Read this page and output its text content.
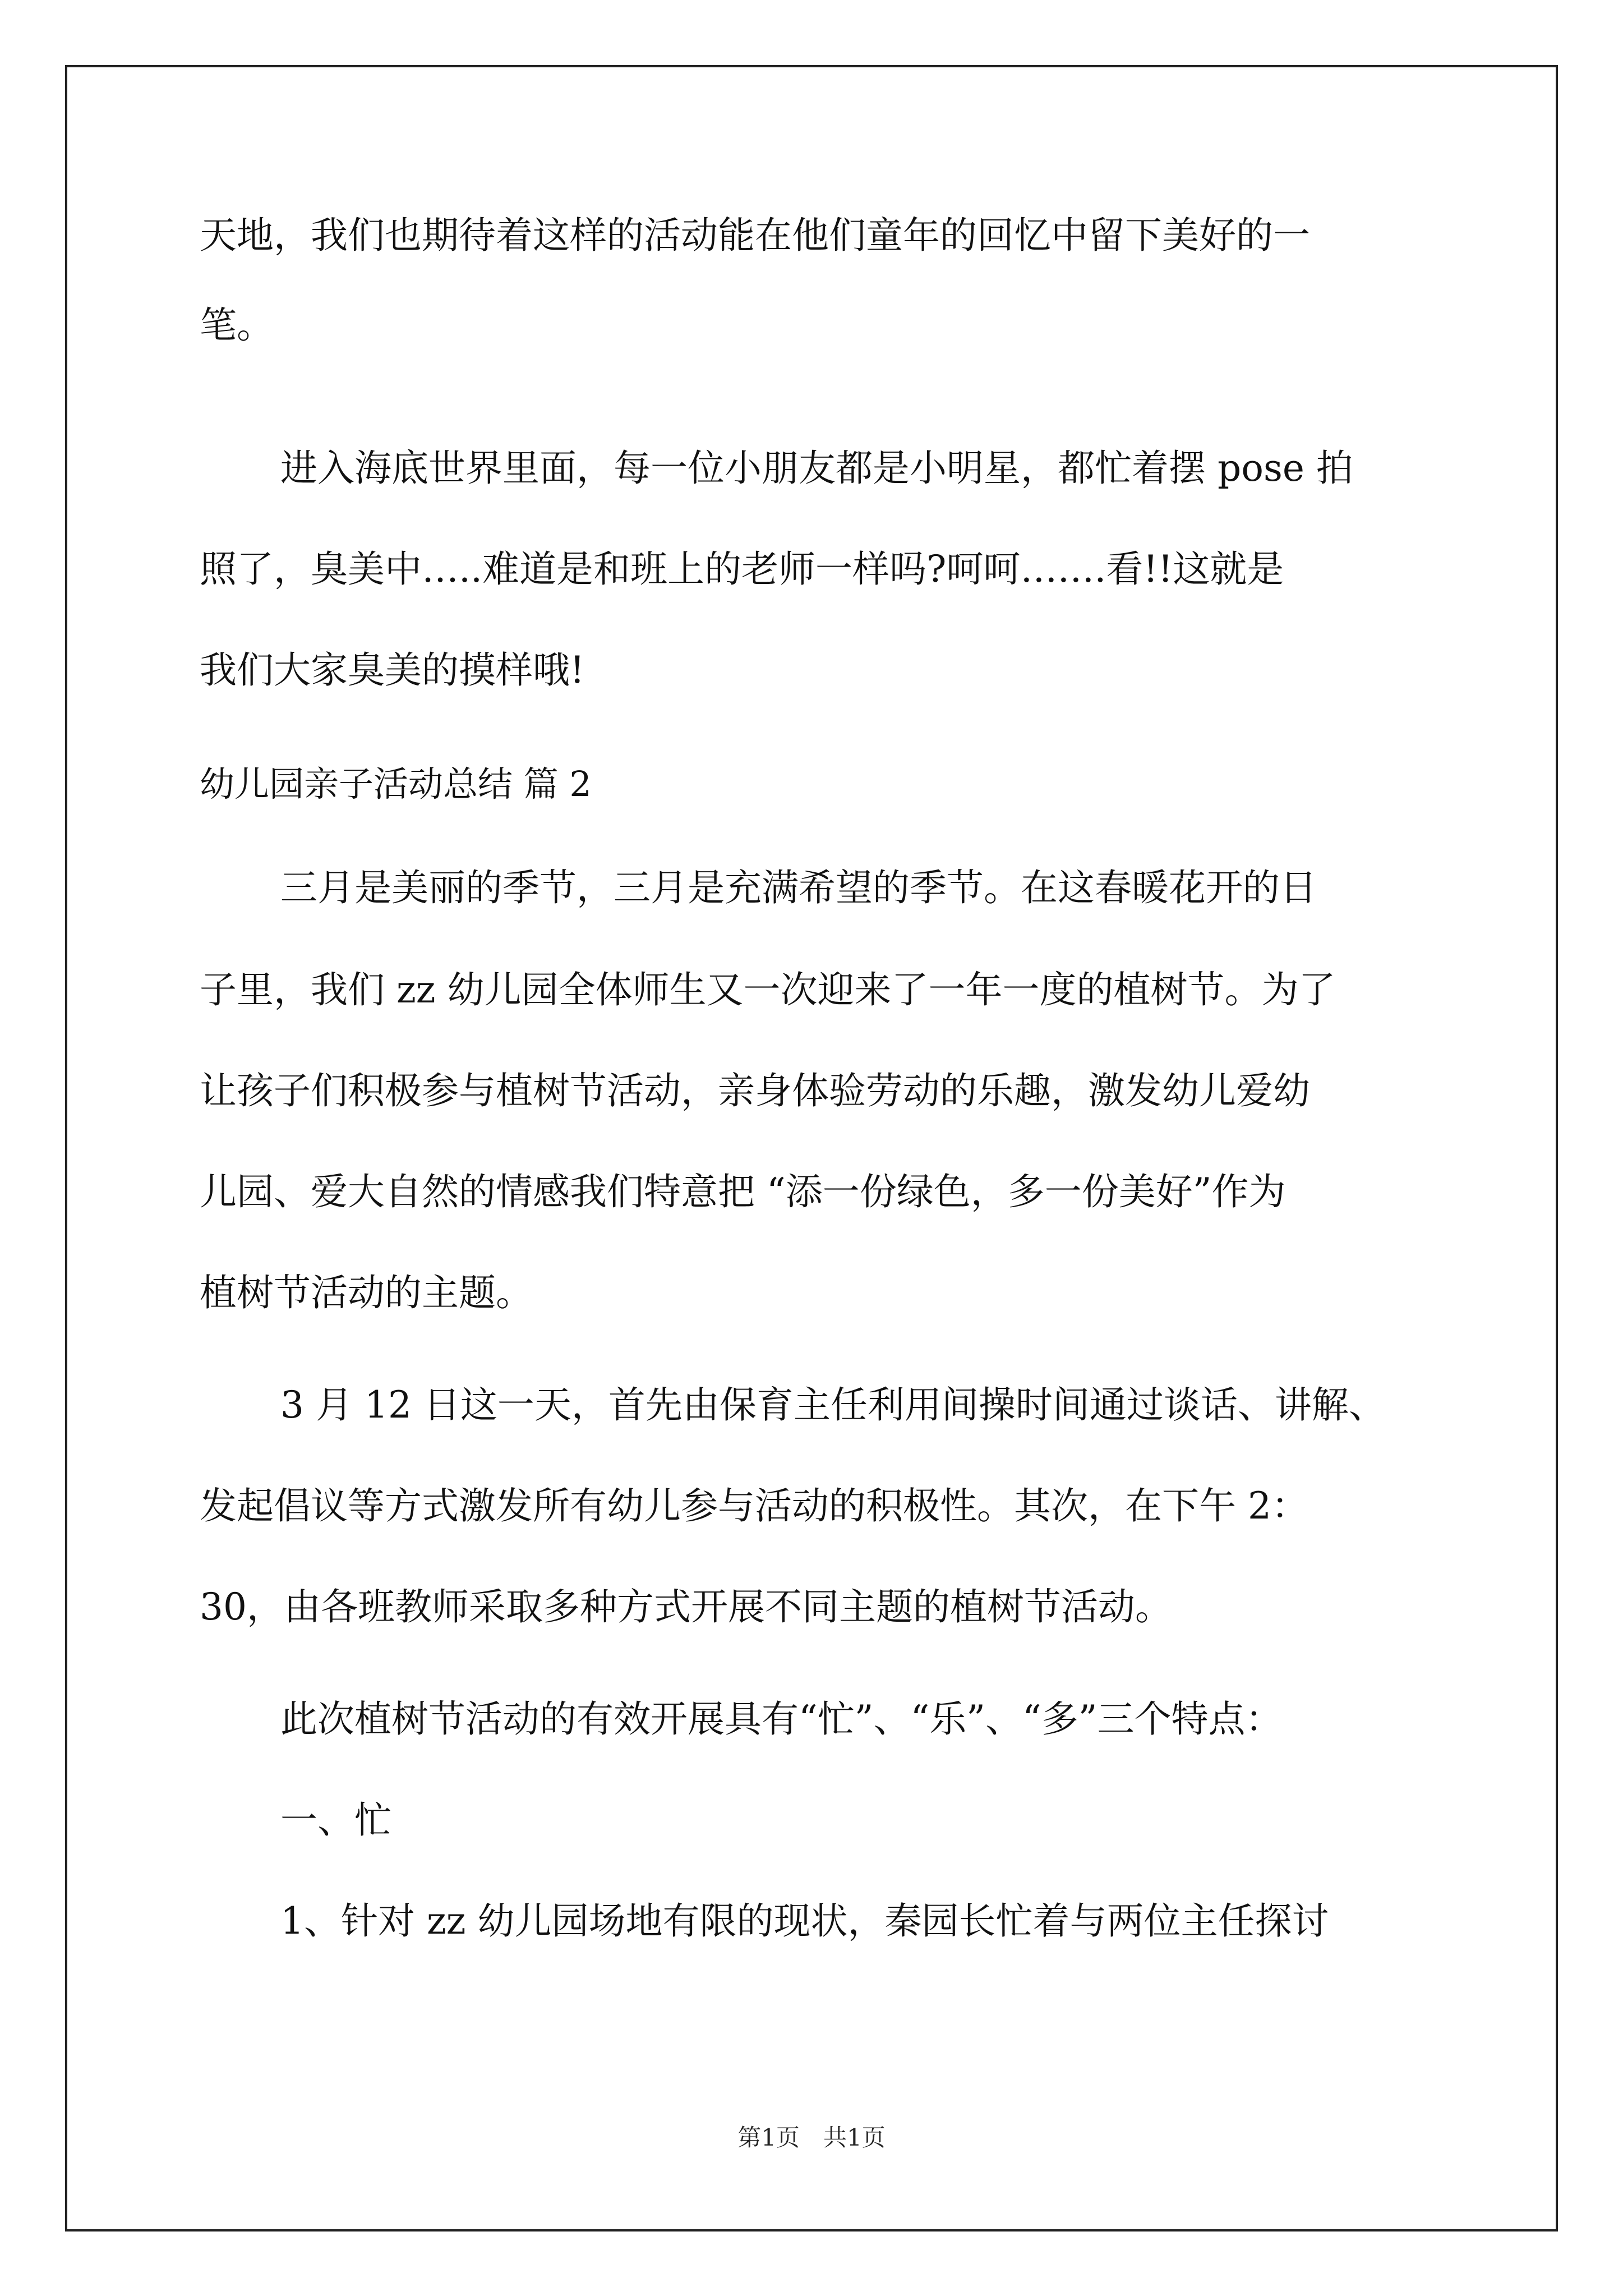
天地，我们也期待着这样的活动能在他们童年的回忆中留下美好的一
笔。
进入海底世界里面，每一位小朋友都是小明星，都忙着摆 pose 拍
照了，臭美中…..难道是和班上的老师一样吗?呵呵…….看!!这就是
我们大家臭美的摸样哦!
幼儿园亲子活动总结 篇 2
三月是美丽的季节，三月是充满希望的季节。在这春暖花开的日
子里，我们 zz 幼儿园全体师生又一次迎来了一年一度的植树节。为了
让孩子们积极参与植树节活动，亲身体验劳动的乐趣，激发幼儿爱幼
儿园、爱大自然的情感我们特意把 “添一份绿色，多一份美好”作为
植树节活动的主题。
3 月 12 日这一天，首先由保育主任利用间操时间通过谈话、讲解、
发起倡议等方式激发所有幼儿参与活动的积极性。其次，在下午 2：
30，由各班教师采取多种方式开展不同主题的植树节活动。
此次植树节活动的有效开展具有“忙”、“乐”、“多”三个特点：
一、忙
1、针对 zz 幼儿园场地有限的现状，秦园长忙着与两位主任探讨
第1页　共1页
